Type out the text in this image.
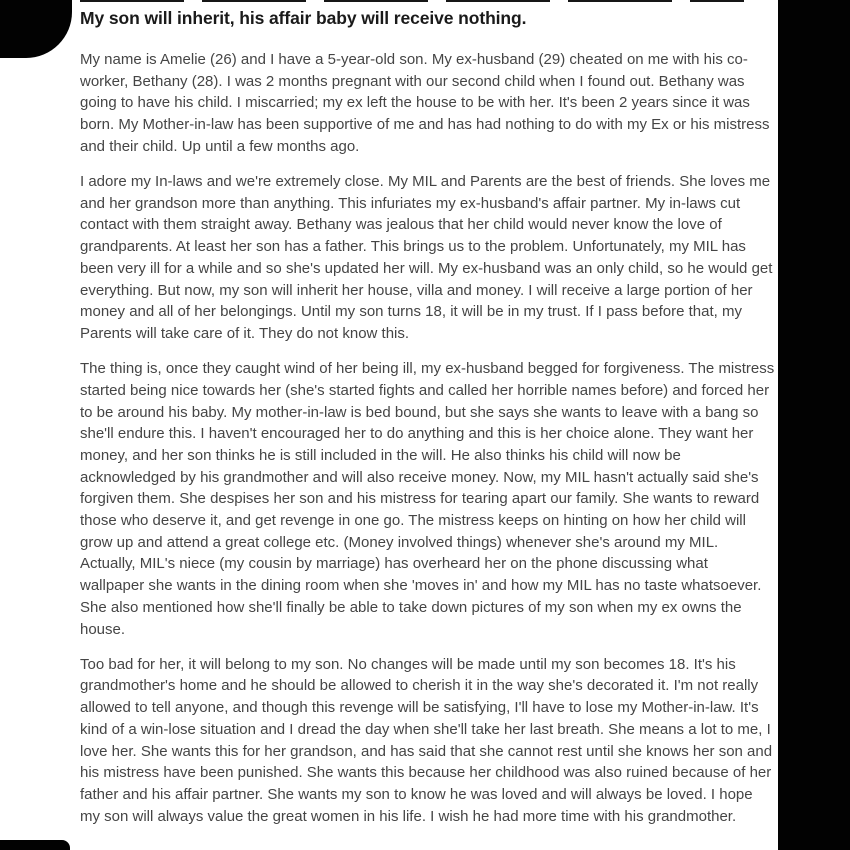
My son will inherit, his affair baby will receive nothing.

My name is Amelie (26) and I have a 5-year-old son. My ex-husband (29) cheated on me with his co-worker, Bethany (28). I was 2 months pregnant with our second child when I found out. Bethany was going to have his child. I miscarried; my ex left the house to be with her. It's been 2 years since it was born. My Mother-in-law has been supportive of me and has had nothing to do with my Ex or his mistress and their child. Up until a few months ago.

I adore my In-laws and we're extremely close. My MIL and Parents are the best of friends. She loves me and her grandson more than anything. This infuriates my ex-husband's affair partner. My in-laws cut contact with them straight away. Bethany was jealous that her child would never know the love of grandparents. At least her son has a father. This brings us to the problem. Unfortunately, my MIL has been very ill for a while and so she's updated her will. My ex-husband was an only child, so he would get everything. But now, my son will inherit her house, villa and money. I will receive a large portion of her money and all of her belongings. Until my son turns 18, it will be in my trust. If I pass before that, my Parents will take care of it. They do not know this.

The thing is, once they caught wind of her being ill, my ex-husband begged for forgiveness. The mistress started being nice towards her (she's started fights and called her horrible names before) and forced her to be around his baby. My mother-in-law is bed bound, but she says she wants to leave with a bang so she'll endure this. I haven't encouraged her to do anything and this is her choice alone. They want her money, and her son thinks he is still included in the will. He also thinks his child will now be acknowledged by his grandmother and will also receive money. Now, my MIL hasn't actually said she's forgiven them. She despises her son and his mistress for tearing apart our family. She wants to reward those who deserve it, and get revenge in one go. The mistress keeps on hinting on how her child will grow up and attend a great college etc. (Money involved things) whenever she's around my MIL. Actually, MIL's niece (my cousin by marriage) has overheard her on the phone discussing what wallpaper she wants in the dining room when she 'moves in' and how my MIL has no taste whatsoever. She also mentioned how she'll finally be able to take down pictures of my son when my ex owns the house.

Too bad for her, it will belong to my son. No changes will be made until my son becomes 18. It's his grandmother's home and he should be allowed to cherish it in the way she's decorated it. I'm not really allowed to tell anyone, and though this revenge will be satisfying, I'll have to lose my Mother-in-law. It's kind of a win-lose situation and I dread the day when she'll take her last breath. She means a lot to me, I love her. She wants this for her grandson, and has said that she cannot rest until she knows her son and his mistress have been punished. She wants this because her childhood was also ruined because of her father and his affair partner. She wants my son to know he was loved and will always be loved. I hope my son will always value the great women in his life. I wish he had more time with his grandmother.
